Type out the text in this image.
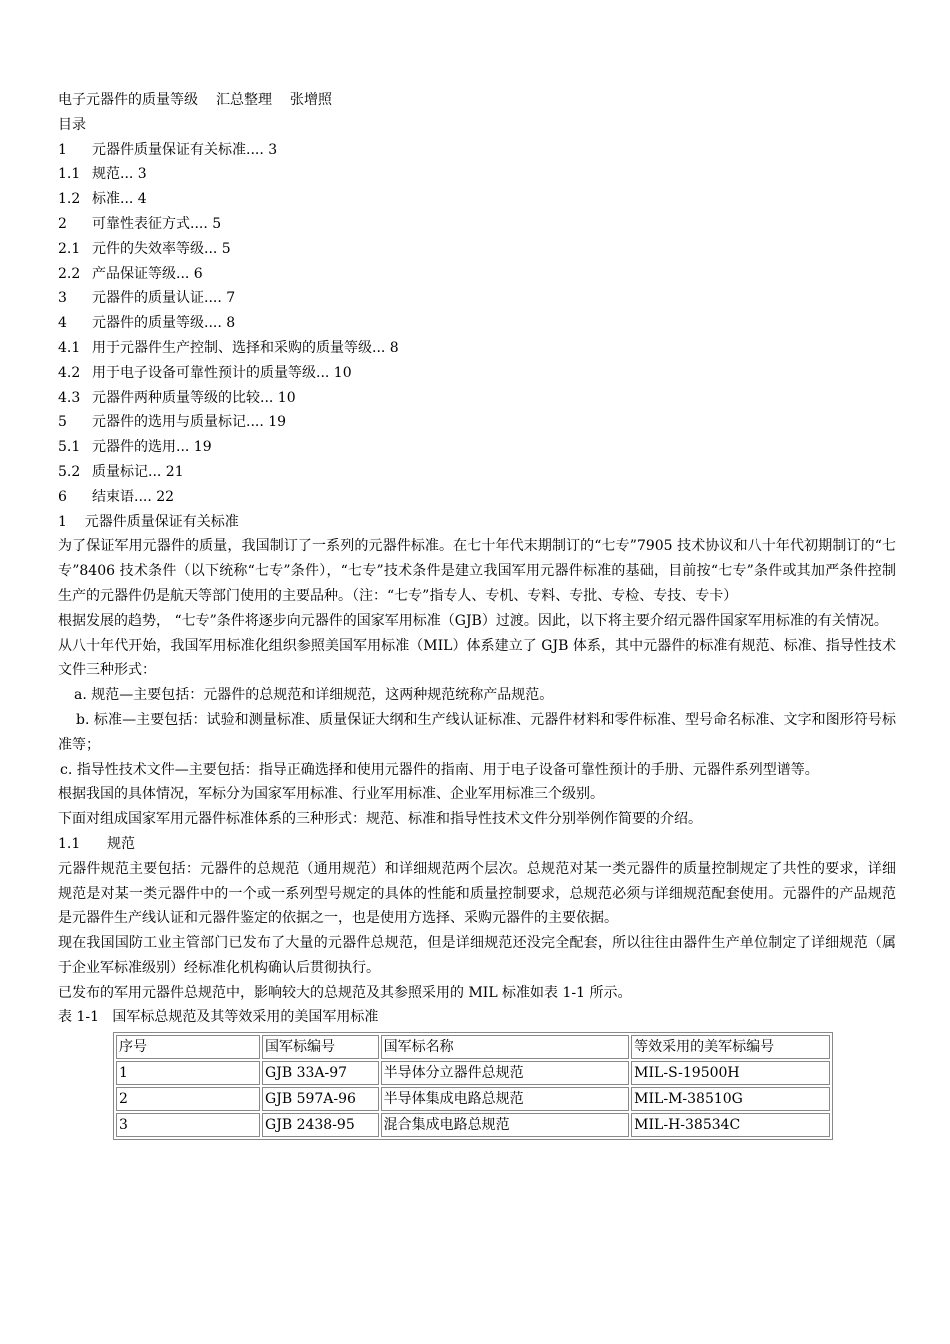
电子元器件的质量等级 汇总整理 张增照
目录
1 元器件质量保证有关标准.... 3
1.1 规范... 3
1.2 标准... 4
2 可靠性表征方式.... 5
2.1 元件的失效率等级... 5
2.2 产品保证等级... 6
3 元器件的质量认证.... 7
4 元器件的质量等级.... 8
4.1 用于元器件生产控制、选择和采购的质量等级... 8
4.2 用于电子设备可靠性预计的质量等级... 10
4.3 元器件两种质量等级的比较... 10
5 元器件的选用与质量标记.... 19
5.1 元器件的选用... 19
5.2 质量标记... 21
6 结束语.... 22
1    元器件质量保证有关标准

为了保证军用元器件的质量，我国制订了一系列的元器件标准。在七十年代末期制订的“七专”7905 技术协议和八十年代初期制订的“七专”8406 技术条件（以下统称“七专”条件），“七专”技术条件是建立我国军用元器件标准的基础，目前按“七专”条件或其加严条件控制生产的元器件仍是航天等部门使用的主要品种。（注：“七专”指专人、专机、专料、专批、专检、专技、专卡）

根据发展的趋势， “七专”条件将逐步向元器件的国家军用标准（GJB）过渡。因此，以下将主要介绍元器件国家军用标准的有关情况。

从八十年代开始，我国军用标准化组织参照美国军用标准（MIL）体系建立了 GJB 体系，其中元器件的标准有规范、标准、指导性技术文件三种形式：

a. 规范—主要包括：元器件的总规范和详细规范，这两种规范统称产品规范。

b. 标准—主要包括：试验和测量标准、质量保证大纲和生产线认证标准、元器件材料和零件标准、型号命名标准、文字和图形符号标准等；

c. 指导性技术文件—主要包括：指导正确选择和使用元器件的指南、用于电子设备可靠性预计的手册、元器件系列型谱等。

根据我国的具体情况，军标分为国家军用标准、行业军用标准、企业军用标准三个级别。

下面对组成国家军用元器件标准体系的三种形式：规范、标准和指导性技术文件分别举例作简要的介绍。

1.1      规范

元器件规范主要包括：元器件的总规范（通用规范）和详细规范两个层次。总规范对某一类元器件的质量控制规定了共性的要求，详细规范是对某一类元器件中的一个或一系列型号规定的具体的性能和质量控制要求，总规范必须与详细规范配套使用。元器件的产品规范是元器件生产线认证和元器件鉴定的依据之一，也是使用方选择、采购元器件的主要依据。

现在我国国防工业主管部门已发布了大量的元器件总规范，但是详细规范还没完全配套，所以往往由器件生产单位制定了详细规范（属于企业军标准级别）经标准化机构确认后贯彻执行。

已发布的军用元器件总规范中，影响较大的总规范及其参照采用的 MIL 标准如表 1-1 所示。

表 1-1   国军标总规范及其等效采用的美国军用标准
序号	国军标编号	国军标名称	等效采用的美军标编号
1	GJB 33A-97	半导体分立器件总规范	MIL-S-19500H
2	GJB 597A-96	半导体集成电路总规范	MIL-M-38510G
3	GJB 2438-95	混合集成电路总规范	MIL-H-38534C
